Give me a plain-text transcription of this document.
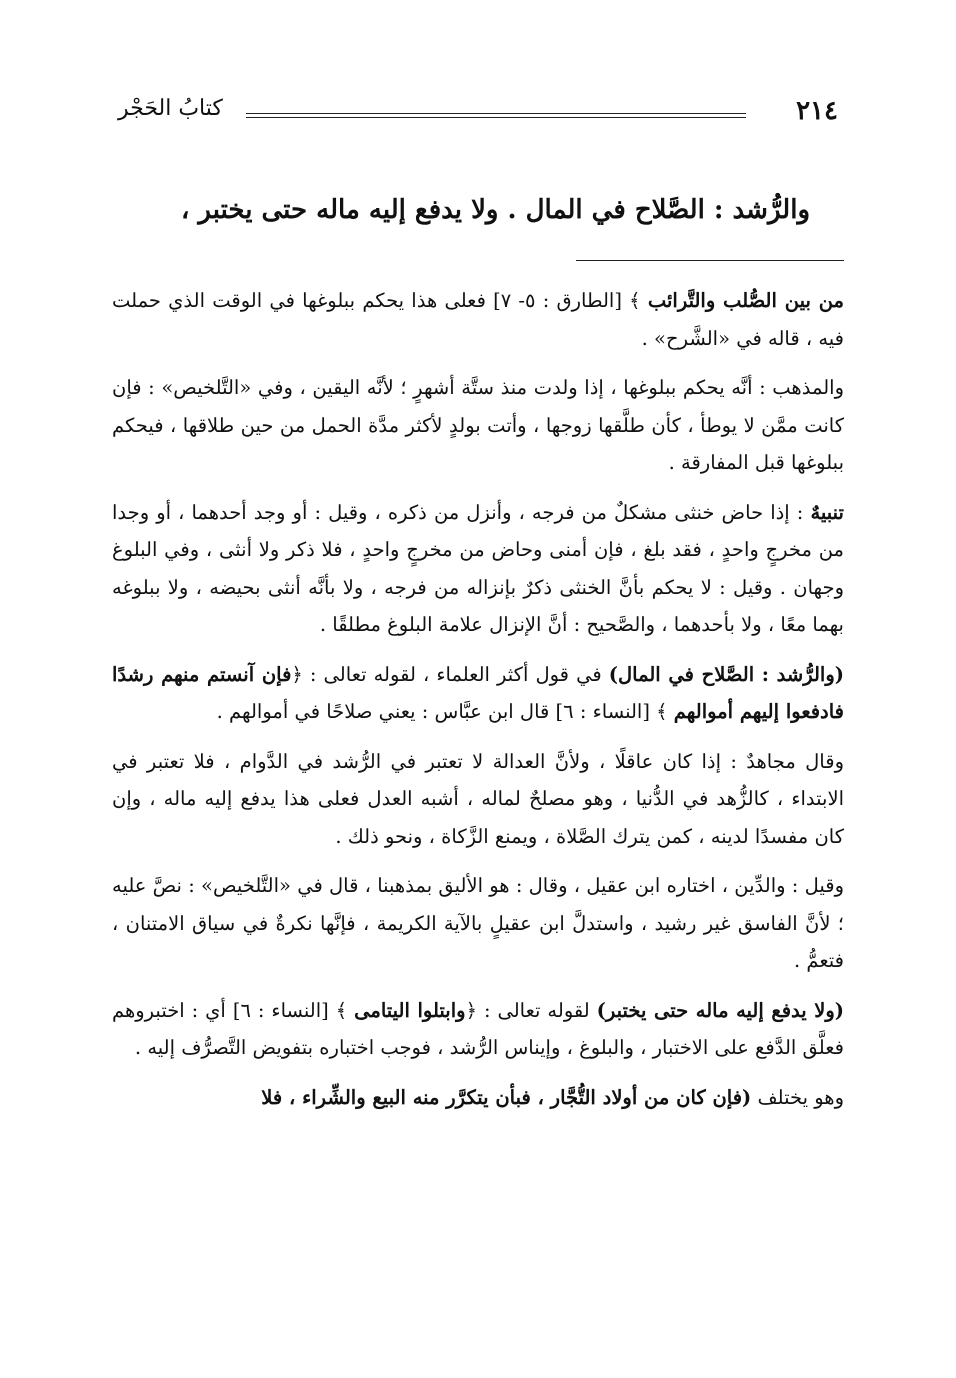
٢١٤
كتابُ الحَجْر
والرُّشد : الصَّلاح في المال . ولا يدفع إليه ماله حتى يختبر ،

من بين الصُّلب والتَّرائب ﴾ [الطارق : ٥- ٧] فعلى هذا يحكم ببلوغها في الوقت الذي حملت فيه ، قاله في «الشَّرح» .

والمذهب : أنَّه يحكم ببلوغها ، إذا ولدت منذ ستَّة أشهرٍ ؛ لأنَّه اليقين ، وفي «التَّلخيص» : فإن كانت ممَّن لا يوطأ ، كأن طلَّقها زوجها ، وأتت بولدٍ لأكثر مدَّة الحمل من حين طلاقها ، فيحكم ببلوغها قبل المفارقة .

تنبيهٌ : إذا حاض خنثى مشكلٌ من فرجه ، وأنزل من ذكره ، وقيل : أو وجد أحدهما ، أو وجدا من مخرجٍ واحدٍ ، فقد بلغ ، فإن أمنى وحاض من مخرجٍ واحدٍ ، فلا ذكر ولا أنثى ، وفي البلوغ وجهان . وقيل : لا يحكم بأنَّ الخنثى ذكرٌ بإنزاله من فرجه ، ولا بأنَّه أنثى بحيضه ، ولا ببلوغه بهما معًا ، ولا بأحدهما ، والصَّحيح : أنَّ الإنزال علامة البلوغ مطلقًا .

(والرُّشد : الصَّلاح في المال) في قول أكثر العلماء ، لقوله تعالى : ﴿فإن آنستم منهم رشدًا فادفعوا إليهم أموالهم ﴾ [النساء : ٦] قال ابن عبَّاس : يعني صلاحًا في أموالهم .

وقال مجاهدٌ : إذا كان عاقلًا ، ولأنَّ العدالة لا تعتبر في الرُّشد في الدَّوام ، فلا تعتبر في الابتداء ، كالزُّهد في الدُّنيا ، وهو مصلحٌ لماله ، أشبه العدل فعلى هذا يدفع إليه ماله ، وإن كان مفسدًا لدينه ، كمن يترك الصَّلاة ، ويمنع الزَّكاة ، ونحو ذلك .

وقيل : والدِّين ، اختاره ابن عقيل ، وقال : هو الأليق بمذهبنا ، قال في «التَّلخيص» : نصَّ عليه ؛ لأنَّ الفاسق غير رشيد ، واستدلَّ ابن عقيلٍ بالآية الكريمة ، فإنَّها نكرةٌ في سياق الامتنان ، فتعمُّ .

(ولا يدفع إليه ماله حتى يختبر) لقوله تعالى : ﴿وابتلوا اليتامى ﴾ [النساء : ٦] أي : اختبروهم فعلَّق الدَّفع على الاختبار ، والبلوغ ، وإيناس الرُّشد ، فوجب اختباره بتفويض التَّصرُّف إليه .

وهو يختلف (فإن كان من أولاد التُّجَّار ، فبأن يتكرَّر منه البيع والشِّراء ، فلا
